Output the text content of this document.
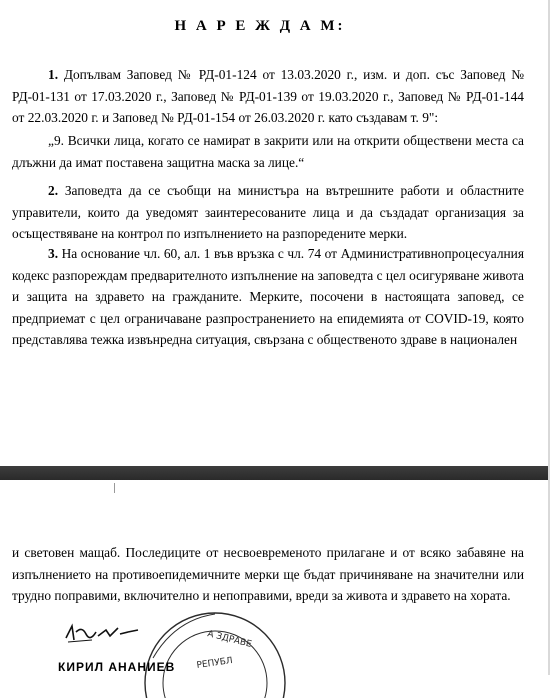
Н А Р Е Ж Д А М:

1. Допълвам Заповед № РД-01-124 от 13.03.2020 г., изм. и доп. със Заповед № РД-01-131 от 17.03.2020 г., Заповед № РД-01-139 от 19.03.2020 г., Заповед № РД-01-144 от 22.03.2020 г. и Заповед № РД-01-154 от 26.03.2020 г. като създавам т. 9":

„9. Всички лица, когато се намират в закрити или на открити обществени места са длъжни да имат поставена защитна маска за лице.“

2. Заповедта да се съобщи на министъра на вътрешните работи и областните управители, които да уведомят заинтересованите лица и да създадат организация за осъществяване на контрол по изпълнението на разпоредените мерки.

3. На основание чл. 60, ал. 1 във връзка с чл. 74 от Административнопроцесуалния кодекс разпореждам предварителното изпълнение на заповедта с цел осигуряване живота и защита на здравето на гражданите. Мерките, посочени в настоящата заповед, се предприемат с цел ограничаване разпространението на епидемията от COVID-19, която представлява тежка извънредна ситуация, свързана с общественото здраве в национален

и световен мащаб. Последиците от несвоевременото прилагане и от всяко забавяне на изпълнението на противоепидемичните мерки ще бъдат причиняване на значителни или трудно поправими, включително и непоправими, вреди за живота и здравето на хората.

А ЗДРАВЕ
РЕПУБЛ
КИРИЛ АНАНИЕВ
